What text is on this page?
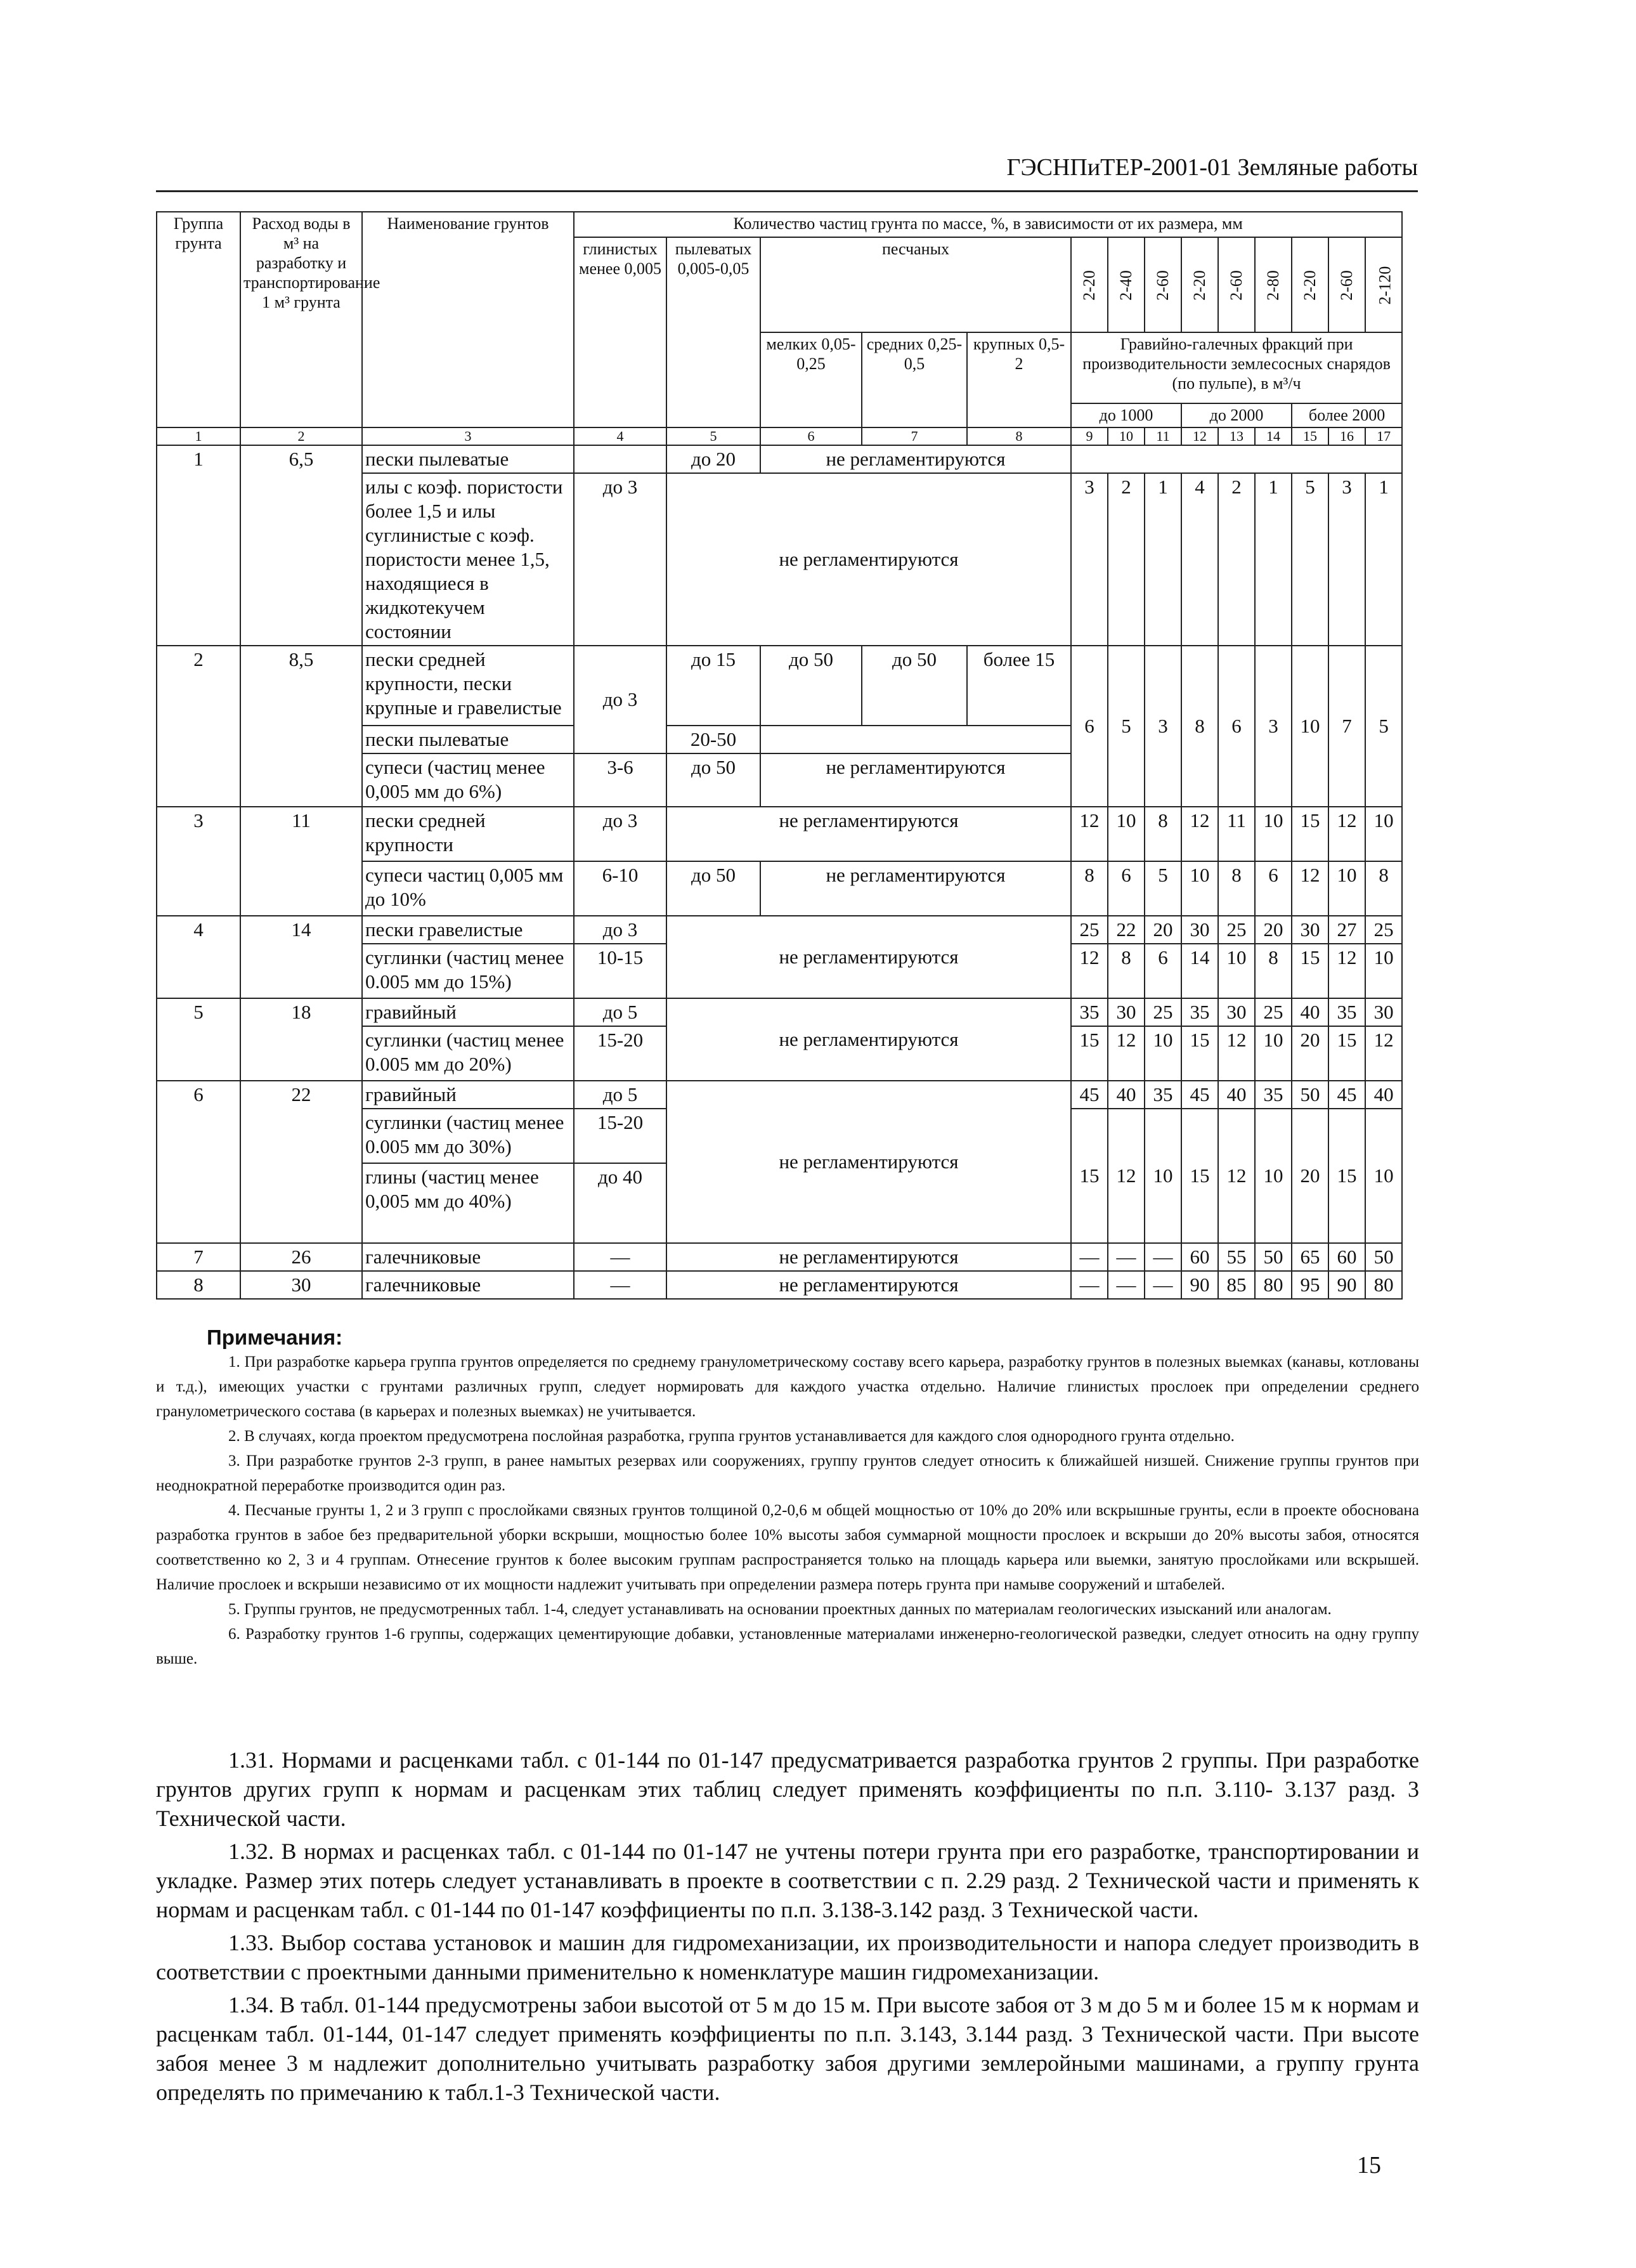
ГЭСНПиТЕР-2001-01 Земляные работы
Группа грунта	Расход воды в м³ на разработку и транспортирование 1 м³ грунта	Наименование грунтов	Количество частиц грунта по массе, %, в зависимости от их размера, мм													
			глинистых менее 0,005	пылеватых 0,005-0,05	песчаных			2-20	2-40	2-60	2-20	2-60	2-80	2-20	2-60	2-120
					мелких 0,05-0,25	средних 0,25-0,5	крупных 0,5-2	Гравийно-галечных фракций при производительности землесосных снарядов (по пульпе), в м³/ч								
								до 1000			до 2000			более 2000		
1	2	3	4	5	6	7	8	9	10	11	12	13	14	15	16	17
1	6,5	пески пылеватые		до 20	не регламентируются											
		илы с коэф. пористости более 1,5 и илы суглинистые с коэф. пористости менее 1,5, находящиеся в жидкотекучем состоянии	до 3	не регламентируются				3	2	1	4	2	1	5	3	1
2	8,5	пески средней крупности, пески крупные и гравелистые	до 3	до 15	до 50	до 50	более 15	6	5	3	8	6	3	10	7	5
		пески пылеватые		20-50												
		супеси (частиц менее 0,005 мм до 6%)	3-6	до 50	не регламентируются											
3	11	пески средней крупности	до 3	не регламентируются				12	10	8	12	11	10	15	12	10
		супеси частиц 0,005 мм до 10%	6-10	до 50	не регламентируются			8	6	5	10	8	6	12	10	8
4	14	пески гравелистые	до 3	не регламентируются				25	22	20	30	25	20	30	27	25
		суглинки (частиц менее 0.005 мм до 15%)	10-15					12	8	6	14	10	8	15	12	10
5	18	гравийный	до 5	не регламентируются				35	30	25	35	30	25	40	35	30
		суглинки (частиц менее 0.005 мм до 20%)	15-20					15	12	10	15	12	10	20	15	12
6	22	гравийный	до 5	не регламентируются				45	40	35	45	40	35	50	45	40
		суглинки (частиц менее 0.005 мм до 30%)	15-20					15	12	10	15	12	10	20	15	10
		глины (частиц менее 0,005 мм до 40%)	до 40													
7	26	галечниковые	—	не регламентируются				—	—	—	60	55	50	65	60	50
8	30	галечниковые	—	не регламентируются				—	—	—	90	85	80	95	90	80
Примечания:

1. При разработке карьера группа грунтов определяется по среднему гранулометрическому составу всего карьера, разработку грунтов в полезных выемках (канавы, котлованы и т.д.), имеющих участки с грунтами различных групп, следует нормировать для каждого участка отдельно. Наличие глинистых прослоек при определении среднего гранулометрического состава (в карьерах и полезных выемках) не учитывается.

2. В случаях, когда проектом предусмотрена послойная разработка, группа грунтов устанавливается для каждого слоя однородного грунта отдельно.

3. При разработке грунтов 2-3 групп, в ранее намытых резервах или сооружениях, группу грунтов следует относить к ближайшей низшей. Снижение группы грунтов при неоднократной переработке производится один раз.

4. Песчаные грунты 1, 2 и 3 групп с прослойками связных грунтов толщиной 0,2-0,6 м общей мощностью от 10% до 20% или вскрышные грунты, если в проекте обоснована разработка грунтов в забое без предварительной уборки вскрыши, мощностью более 10% высоты забоя суммарной мощности прослоек и вскрыши до 20% высоты забоя, относятся соответственно ко 2, 3 и 4 группам. Отнесение грунтов к более высоким группам распространяется только на площадь карьера или выемки, занятую прослойками или вскрышей. Наличие прослоек и вскрыши независимо от их мощности надлежит учитывать при определении размера потерь грунта при намыве сооружений и штабелей.

5. Группы грунтов, не предусмотренных табл. 1-4, следует устанавливать на основании проектных данных по материалам геологических изысканий или аналогам.

6. Разработку грунтов 1-6 группы, содержащих цементирующие добавки, установленные материалами инженерно-геологической разведки, следует относить на одну группу выше.

1.31. Нормами и расценками табл. с 01-144 по 01-147 предусматривается разработка грунтов 2 группы. При разработке грунтов других групп к нормам и расценкам этих таблиц следует применять коэффициенты по п.п. 3.110- 3.137 разд. 3 Технической части.

1.32. В нормах и расценках табл. с 01-144 по 01-147 не учтены потери грунта при его разработке, транспортировании и укладке. Размер этих потерь следует устанавливать в проекте в соответствии с п. 2.29 разд. 2 Технической части и применять к нормам и расценкам табл. с 01-144 по 01-147 коэффициенты по п.п. 3.138-3.142 разд. 3 Технической части.

1.33. Выбор состава установок и машин для гидромеханизации, их производительности и напора следует производить в соответствии с проектными данными применительно к номенклатуре машин гидромеханизации.

1.34. В табл. 01-144 предусмотрены забои высотой от 5 м до 15 м. При высоте забоя от 3 м до 5 м и более 15 м к нормам и расценкам табл. 01-144, 01-147 следует применять коэффициенты по п.п. 3.143, 3.144 разд. 3 Технической части. При высоте забоя менее 3 м надлежит дополнительно учитывать разработку забоя другими землеройными машинами, а группу грунта определять по примечанию к табл.1-3 Технической части.

15
